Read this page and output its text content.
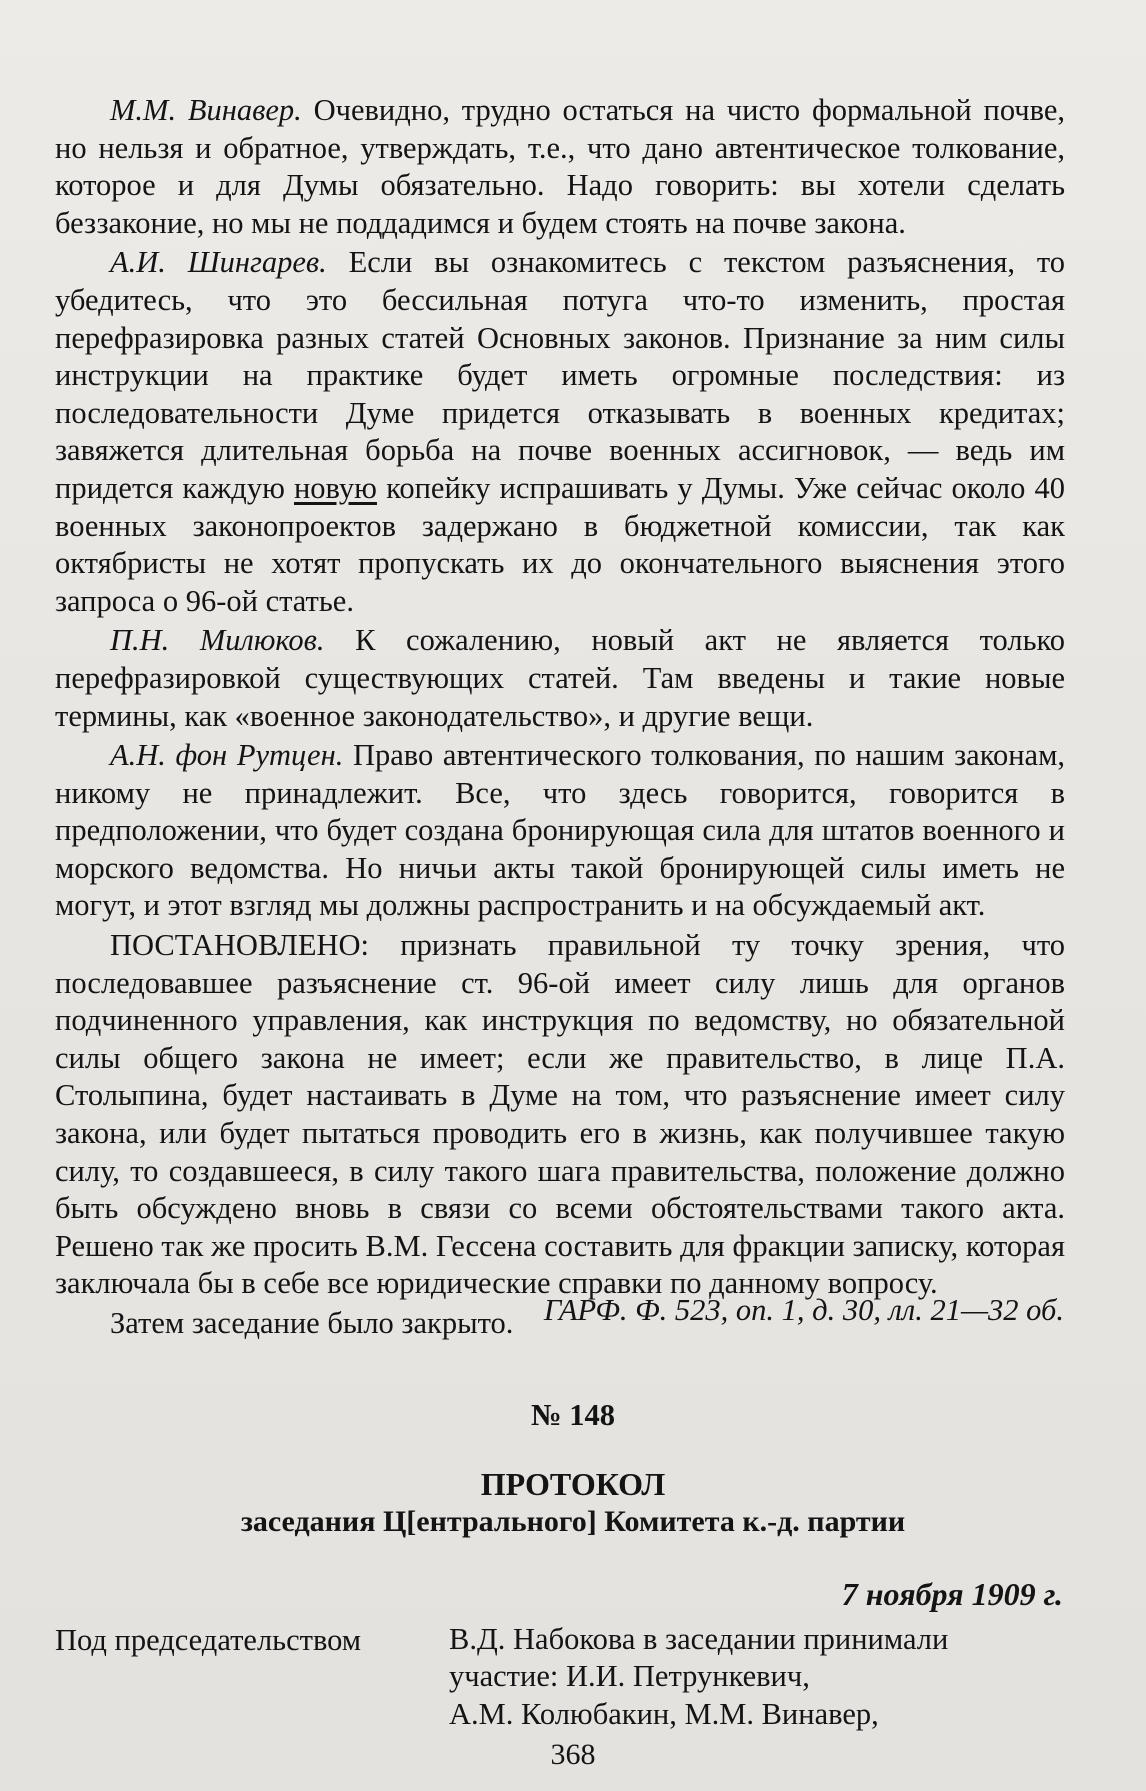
М.М. Винавер. Очевидно, трудно остаться на чисто формальной почве, но нельзя и обратное, утверждать, т.е., что дано автентическое толкование, которое и для Думы обязательно. Надо говорить: вы хотели сделать беззаконие, но мы не поддадимся и будем стоять на почве закона.

А.И. Шингарев. Если вы ознакомитесь с текстом разъяснения, то убедитесь, что это бессильная потуга что-то изменить, простая перефразировка разных статей Основных законов. Признание за ним силы инструкции на практике будет иметь огромные последствия: из последовательности Думе придется отказывать в военных кредитах; завяжется длительная борьба на почве военных ассигновок, — ведь им придется каждую новую копейку испрашивать у Думы. Уже сейчас около 40 военных законопроектов задержано в бюджетной комиссии, так как октябристы не хотят пропускать их до окончательного выяснения этого запроса о 96-ой статье.

П.Н. Милюков. К сожалению, новый акт не является только перефразировкой существующих статей. Там введены и такие новые термины, как «военное законодательство», и другие вещи.

А.Н. фон Рутцен. Право автентического толкования, по нашим законам, никому не принадлежит. Все, что здесь говорится, говорится в предположении, что будет создана бронирующая сила для штатов военного и морского ведомства. Но ничьи акты такой бронирующей силы иметь не могут, и этот взгляд мы должны распространить и на обсуждаемый акт.

ПОСТАНОВЛЕНО: признать правильной ту точку зрения, что последовавшее разъяснение ст. 96-ой имеет силу лишь для органов подчиненного управления, как инструкция по ведомству, но обязательной силы общего закона не имеет; если же правительство, в лице П.А. Столыпина, будет настаивать в Думе на том, что разъяснение имеет силу закона, или будет пытаться проводить его в жизнь, как получившее такую силу, то создавшееся, в силу такого шага правительства, положение должно быть обсуждено вновь в связи со всеми обстоятельствами такого акта. Решено так же просить В.М. Гессена составить для фракции записку, которая заключала бы в себе все юридические справки по данному вопросу.

Затем заседание было закрыто. ГАРФ. Ф. 523, оп. 1, д. 30, лл. 21—32 об.
№ 148
ПРОТОКОЛ
заседания Ц[ентрального] Комитета к.-д. партии
7 ноября 1909 г.
Под председательством	В.Д. Набокова в заседании принимали
участие: И.И. Петрункевич,
А.М. Колюбакин, М.М. Винавер,
368
